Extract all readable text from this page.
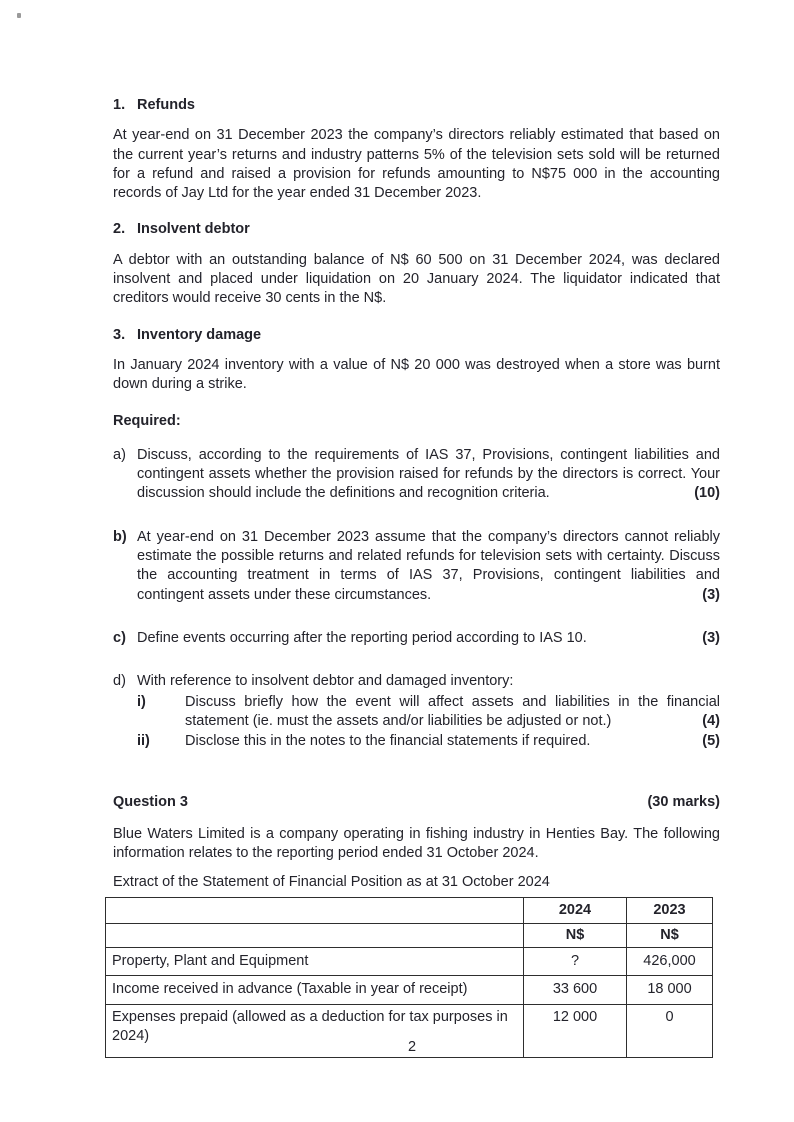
1. Refunds

At year-end on 31 December 2023 the company’s directors reliably estimated that based on the current year’s returns and industry patterns 5% of the television sets sold will be returned for a refund and raised a provision for refunds amounting to N$75 000 in the accounting records of Jay Ltd for the year ended 31 December 2023.

2. Insolvent debtor

A debtor with an outstanding balance of N$ 60 500 on 31 December 2024, was declared insolvent and placed under liquidation on 20 January 2024. The liquidator indicated that creditors would receive 30 cents in the N$.

3. Inventory damage

In January 2024 inventory with a value of N$ 20 000 was destroyed when a store was burnt down during a strike.

Required:
a) Discuss, according to the requirements of IAS 37, Provisions, contingent liabilities and contingent assets whether the provision raised for refunds by the directors is correct. Your discussion should include the definitions and recognition criteria.	(10)
b) At year-end on 31 December 2023 assume that the company’s directors cannot reliably estimate the possible returns and related refunds for television sets with certainty. Discuss the accounting treatment in terms of IAS 37, Provisions, contingent liabilities and contingent assets under these circumstances.	(3)
c) Define events occurring after the reporting period according to IAS 10.	(3)
d) With reference to insolvent debtor and damaged inventory:
i)	Discuss briefly how the event will affect assets and liabilities in the financial statement (ie. must the assets and/or liabilities be adjusted or not.)	(4)
ii)	Disclose this in the notes to the financial statements if required.	(5)
Question 3	(30 marks)

Blue Waters Limited is a company operating in fishing industry in Henties Bay. The following information relates to the reporting period ended 31 October 2024.

Extract of the Statement of Financial Position as at 31 October 2024
	2024	2023
	N$	N$
Property, Plant and Equipment	?	426,000
Income received in advance (Taxable in year of receipt)	33 600	18 000
Expenses prepaid (allowed as a deduction for tax purposes in 2024)	12 000	0
2
